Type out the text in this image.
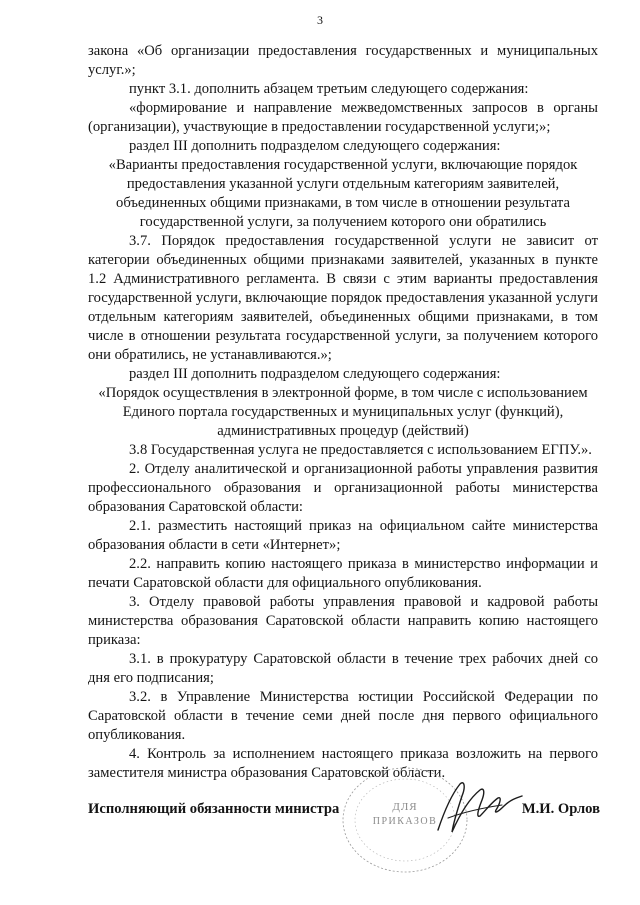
3

закона «Об организации предоставления государственных и муниципальных услуг.»;

пункт 3.1. дополнить абзацем третьим следующего содержания:

«формирование и направление межведомственных запросов в органы (организации), участвующие в предоставлении государственной услуги;»;

раздел III дополнить подразделом следующего содержания:

«Варианты предоставления государственной услуги, включающие порядок предоставления указанной услуги отдельным категориям заявителей, объединенных общими признаками, в том числе в отношении результата государственной услуги, за получением которого они обратились

3.7. Порядок предоставления государственной услуги не зависит от категории объединенных общими признаками заявителей, указанных в пункте 1.2 Административного регламента. В связи с этим варианты предоставления государственной услуги, включающие порядок предоставления указанной услуги отдельным категориям заявителей, объединенных общими признаками, в том числе в отношении результата государственной услуги, за получением которого они обратились, не устанавливаются.»;

раздел III дополнить подразделом следующего содержания:

«Порядок осуществления в электронной форме, в том числе с использованием Единого портала государственных и муниципальных услуг (функций), административных процедур (действий)

3.8 Государственная услуга не предоставляется с использованием ЕГПУ.».

2. Отделу аналитической и организационной работы управления развития профессионального образования и организационной работы министерства образования Саратовской области:

2.1. разместить настоящий приказ на официальном сайте министерства образования области в сети «Интернет»;

2.2. направить копию настоящего приказа в министерство информации и печати Саратовской области для официального опубликования.

3. Отделу правовой работы управления правовой и кадровой работы министерства образования Саратовской области направить копию настоящего приказа:

3.1. в прокуратуру Саратовской области в течение трех рабочих дней со дня его подписания;

3.2. в Управление Министерства юстиции Российской Федерации по Саратовской области в течение семи дней после дня первого официального опубликования.

4. Контроль за исполнением настоящего приказа возложить на первого заместителя министра образования Саратовской области.

Исполняющий обязанности министра	М.И. Орлов
ДЛЯ
ПРИКАЗОВ
